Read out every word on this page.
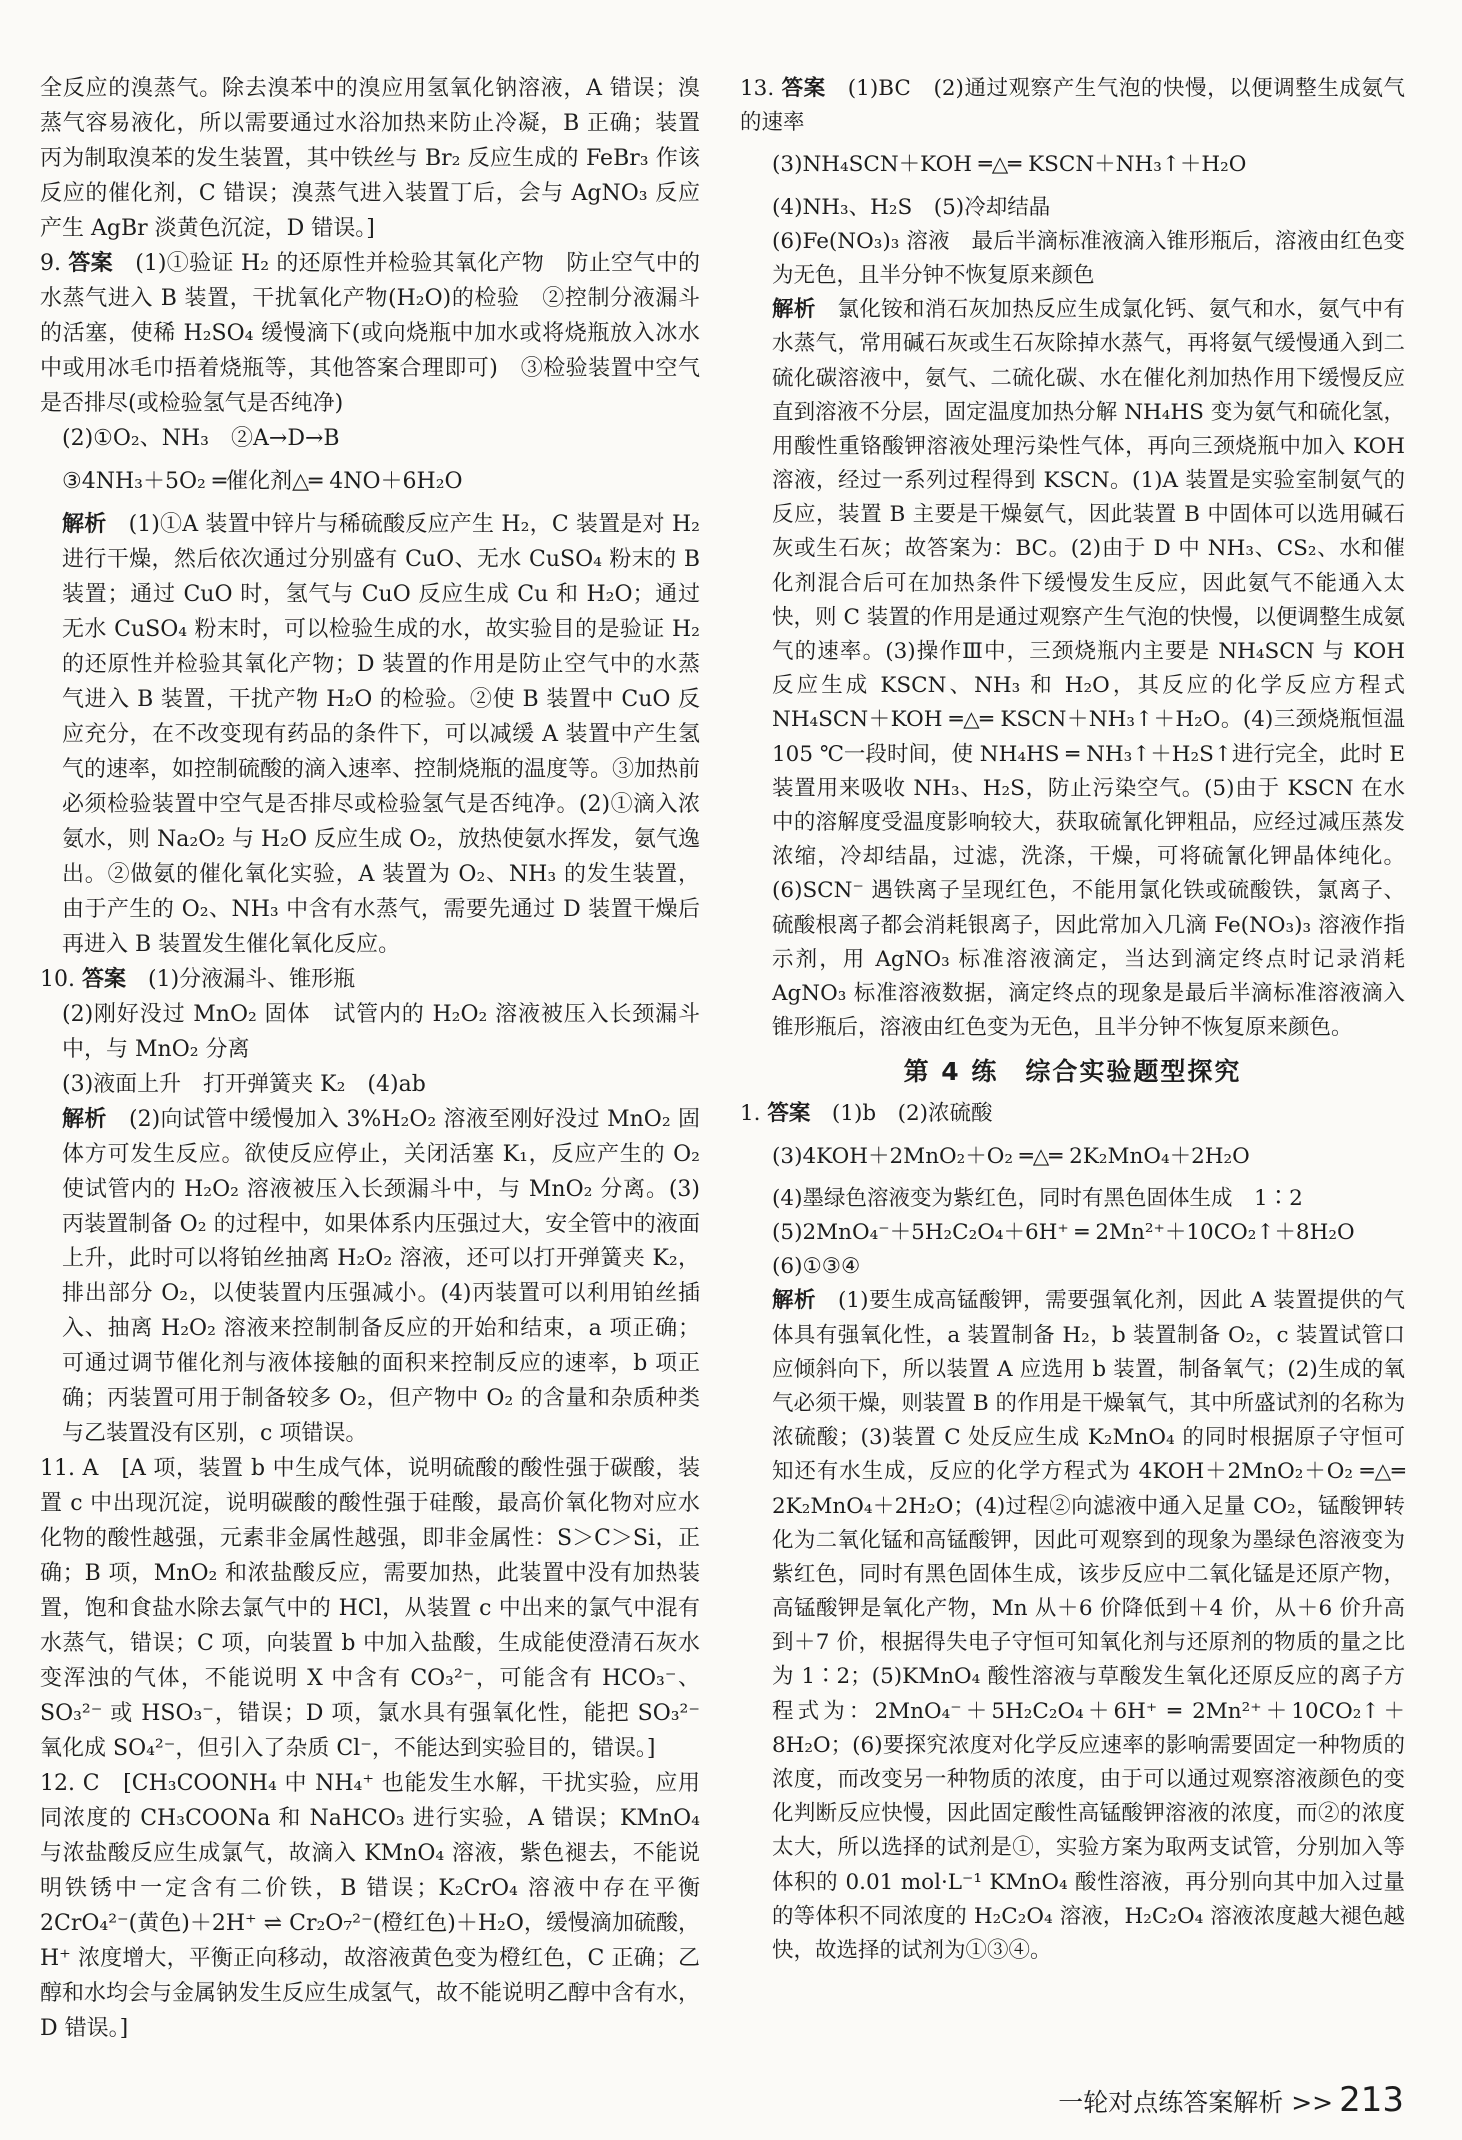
全反应的溴蒸气。除去溴苯中的溴应用氢氧化钠溶液，A 错误；溴蒸气容易液化，所以需要通过水浴加热来防止冷凝，B 正确；装置丙为制取溴苯的发生装置，其中铁丝与 Br₂ 反应生成的 FeBr₃ 作该反应的催化剂，C 错误；溴蒸气进入装置丁后，会与 AgNO₃ 反应产生 AgBr 淡黄色沉淀，D 错误。]

9. 答案　(1)①验证 H₂ 的还原性并检验其氧化产物　防止空气中的水蒸气进入 B 装置，干扰氧化产物(H₂O)的检验　②控制分液漏斗的活塞，使稀 H₂SO₄ 缓慢滴下(或向烧瓶中加水或将烧瓶放入冰水中或用冰毛巾捂着烧瓶等，其他答案合理即可)　③检验装置中空气是否排尽(或检验氢气是否纯净)

(2)①O₂、NH₃　②A→D→B

③4NH₃＋5O₂ ═催化剂△═ 4NO＋6H₂O

解析　(1)①A 装置中锌片与稀硫酸反应产生 H₂，C 装置是对 H₂ 进行干燥，然后依次通过分别盛有 CuO、无水 CuSO₄ 粉末的 B 装置；通过 CuO 时，氢气与 CuO 反应生成 Cu 和 H₂O；通过无水 CuSO₄ 粉末时，可以检验生成的水，故实验目的是验证 H₂ 的还原性并检验其氧化产物；D 装置的作用是防止空气中的水蒸气进入 B 装置，干扰产物 H₂O 的检验。②使 B 装置中 CuO 反应充分，在不改变现有药品的条件下，可以减缓 A 装置中产生氢气的速率，如控制硫酸的滴入速率、控制烧瓶的温度等。③加热前必须检验装置中空气是否排尽或检验氢气是否纯净。(2)①滴入浓氨水，则 Na₂O₂ 与 H₂O 反应生成 O₂，放热使氨水挥发，氨气逸出。②做氨的催化氧化实验，A 装置为 O₂、NH₃ 的发生装置，由于产生的 O₂、NH₃ 中含有水蒸气，需要先通过 D 装置干燥后再进入 B 装置发生催化氧化反应。

10. 答案　(1)分液漏斗、锥形瓶

(2)刚好没过 MnO₂ 固体　试管内的 H₂O₂ 溶液被压入长颈漏斗中，与 MnO₂ 分离

(3)液面上升　打开弹簧夹 K₂　(4)ab

解析　(2)向试管中缓慢加入 3%H₂O₂ 溶液至刚好没过 MnO₂ 固体方可发生反应。欲使反应停止，关闭活塞 K₁，反应产生的 O₂ 使试管内的 H₂O₂ 溶液被压入长颈漏斗中，与 MnO₂ 分离。(3)丙装置制备 O₂ 的过程中，如果体系内压强过大，安全管中的液面上升，此时可以将铂丝抽离 H₂O₂ 溶液，还可以打开弹簧夹 K₂，排出部分 O₂，以使装置内压强减小。(4)丙装置可以利用铂丝插入、抽离 H₂O₂ 溶液来控制制备反应的开始和结束，a 项正确；可通过调节催化剂与液体接触的面积来控制反应的速率，b 项正确；丙装置可用于制备较多 O₂，但产物中 O₂ 的含量和杂质种类与乙装置没有区别，c 项错误。

11. A　[A 项，装置 b 中生成气体，说明硫酸的酸性强于碳酸，装置 c 中出现沉淀，说明碳酸的酸性强于硅酸，最高价氧化物对应水化物的酸性越强，元素非金属性越强，即非金属性：S＞C＞Si，正确；B 项，MnO₂ 和浓盐酸反应，需要加热，此装置中没有加热装置，饱和食盐水除去氯气中的 HCl，从装置 c 中出来的氯气中混有水蒸气，错误；C 项，向装置 b 中加入盐酸，生成能使澄清石灰水变浑浊的气体，不能说明 X 中含有 CO₃²⁻，可能含有 HCO₃⁻、SO₃²⁻ 或 HSO₃⁻，错误；D 项，氯水具有强氧化性，能把 SO₃²⁻ 氧化成 SO₄²⁻，但引入了杂质 Cl⁻，不能达到实验目的，错误。]

12. C　[CH₃COONH₄ 中 NH₄⁺ 也能发生水解，干扰实验，应用同浓度的 CH₃COONa 和 NaHCO₃ 进行实验，A 错误；KMnO₄ 与浓盐酸反应生成氯气，故滴入 KMnO₄ 溶液，紫色褪去，不能说明铁锈中一定含有二价铁，B 错误；K₂CrO₄ 溶液中存在平衡 2CrO₄²⁻(黄色)＋2H⁺ ⇌ Cr₂O₇²⁻(橙红色)＋H₂O，缓慢滴加硫酸，H⁺ 浓度增大，平衡正向移动，故溶液黄色变为橙红色，C 正确；乙醇和水均会与金属钠发生反应生成氢气，故不能说明乙醇中含有水，D 错误。]

13. 答案　(1)BC　(2)通过观察产生气泡的快慢，以便调整生成氨气的速率

(3)NH₄SCN＋KOH ═△═ KSCN＋NH₃↑＋H₂O

(4)NH₃、H₂S　(5)冷却结晶

(6)Fe(NO₃)₃ 溶液　最后半滴标准液滴入锥形瓶后，溶液由红色变为无色，且半分钟不恢复原来颜色

解析　氯化铵和消石灰加热反应生成氯化钙、氨气和水，氨气中有水蒸气，常用碱石灰或生石灰除掉水蒸气，再将氨气缓慢通入到二硫化碳溶液中，氨气、二硫化碳、水在催化剂加热作用下缓慢反应直到溶液不分层，固定温度加热分解 NH₄HS 变为氨气和硫化氢，用酸性重铬酸钾溶液处理污染性气体，再向三颈烧瓶中加入 KOH 溶液，经过一系列过程得到 KSCN。(1)A 装置是实验室制氨气的反应，装置 B 主要是干燥氨气，因此装置 B 中固体可以选用碱石灰或生石灰；故答案为：BC。(2)由于 D 中 NH₃、CS₂、水和催化剂混合后可在加热条件下缓慢发生反应，因此氨气不能通入太快，则 C 装置的作用是通过观察产生气泡的快慢，以便调整生成氨气的速率。(3)操作Ⅲ中，三颈烧瓶内主要是 NH₄SCN 与 KOH 反应生成 KSCN、NH₃ 和 H₂O，其反应的化学反应方程式 NH₄SCN＋KOH ═△═ KSCN＋NH₃↑＋H₂O。(4)三颈烧瓶恒温 105 ℃一段时间，使 NH₄HS ═ NH₃↑＋H₂S↑进行完全，此时 E 装置用来吸收 NH₃、H₂S，防止污染空气。(5)由于 KSCN 在水中的溶解度受温度影响较大，获取硫氰化钾粗品，应经过减压蒸发浓缩，冷却结晶，过滤，洗涤，干燥，可将硫氰化钾晶体纯化。(6)SCN⁻ 遇铁离子呈现红色，不能用氯化铁或硫酸铁，氯离子、硫酸根离子都会消耗银离子，因此常加入几滴 Fe(NO₃)₃ 溶液作指示剂，用 AgNO₃ 标准溶液滴定，当达到滴定终点时记录消耗 AgNO₃ 标准溶液数据，滴定终点的现象是最后半滴标准溶液滴入锥形瓶后，溶液由红色变为无色，且半分钟不恢复原来颜色。

第 4 练　综合实验题型探究

1. 答案　(1)b　(2)浓硫酸

(3)4KOH＋2MnO₂＋O₂ ═△═ 2K₂MnO₄＋2H₂O

(4)墨绿色溶液变为紫红色，同时有黑色固体生成　1∶2

(5)2MnO₄⁻＋5H₂C₂O₄＋6H⁺ ═ 2Mn²⁺＋10CO₂↑＋8H₂O

(6)①③④

解析　(1)要生成高锰酸钾，需要强氧化剂，因此 A 装置提供的气体具有强氧化性，a 装置制备 H₂，b 装置制备 O₂，c 装置试管口应倾斜向下，所以装置 A 应选用 b 装置，制备氧气；(2)生成的氧气必须干燥，则装置 B 的作用是干燥氧气，其中所盛试剂的名称为浓硫酸；(3)装置 C 处反应生成 K₂MnO₄ 的同时根据原子守恒可知还有水生成，反应的化学方程式为 4KOH＋2MnO₂＋O₂ ═△═ 2K₂MnO₄＋2H₂O；(4)过程②向滤液中通入足量 CO₂，锰酸钾转化为二氧化锰和高锰酸钾，因此可观察到的现象为墨绿色溶液变为紫红色，同时有黑色固体生成，该步反应中二氧化锰是还原产物，高锰酸钾是氧化产物，Mn 从＋6 价降低到＋4 价，从＋6 价升高到＋7 价，根据得失电子守恒可知氧化剂与还原剂的物质的量之比为 1∶2；(5)KMnO₄ 酸性溶液与草酸发生氧化还原反应的离子方程式为：2MnO₄⁻＋5H₂C₂O₄＋6H⁺ ═ 2Mn²⁺＋10CO₂↑＋8H₂O；(6)要探究浓度对化学反应速率的影响需要固定一种物质的浓度，而改变另一种物质的浓度，由于可以通过观察溶液颜色的变化判断反应快慢，因此固定酸性高锰酸钾溶液的浓度，而②的浓度太大，所以选择的试剂是①，实验方案为取两支试管，分别加入等体积的 0.01 mol·L⁻¹ KMnO₄ 酸性溶液，再分别向其中加入过量的等体积不同浓度的 H₂C₂O₄ 溶液，H₂C₂O₄ 溶液浓度越大褪色越快，故选择的试剂为①③④。

一轮对点练答案解析 >> 213
